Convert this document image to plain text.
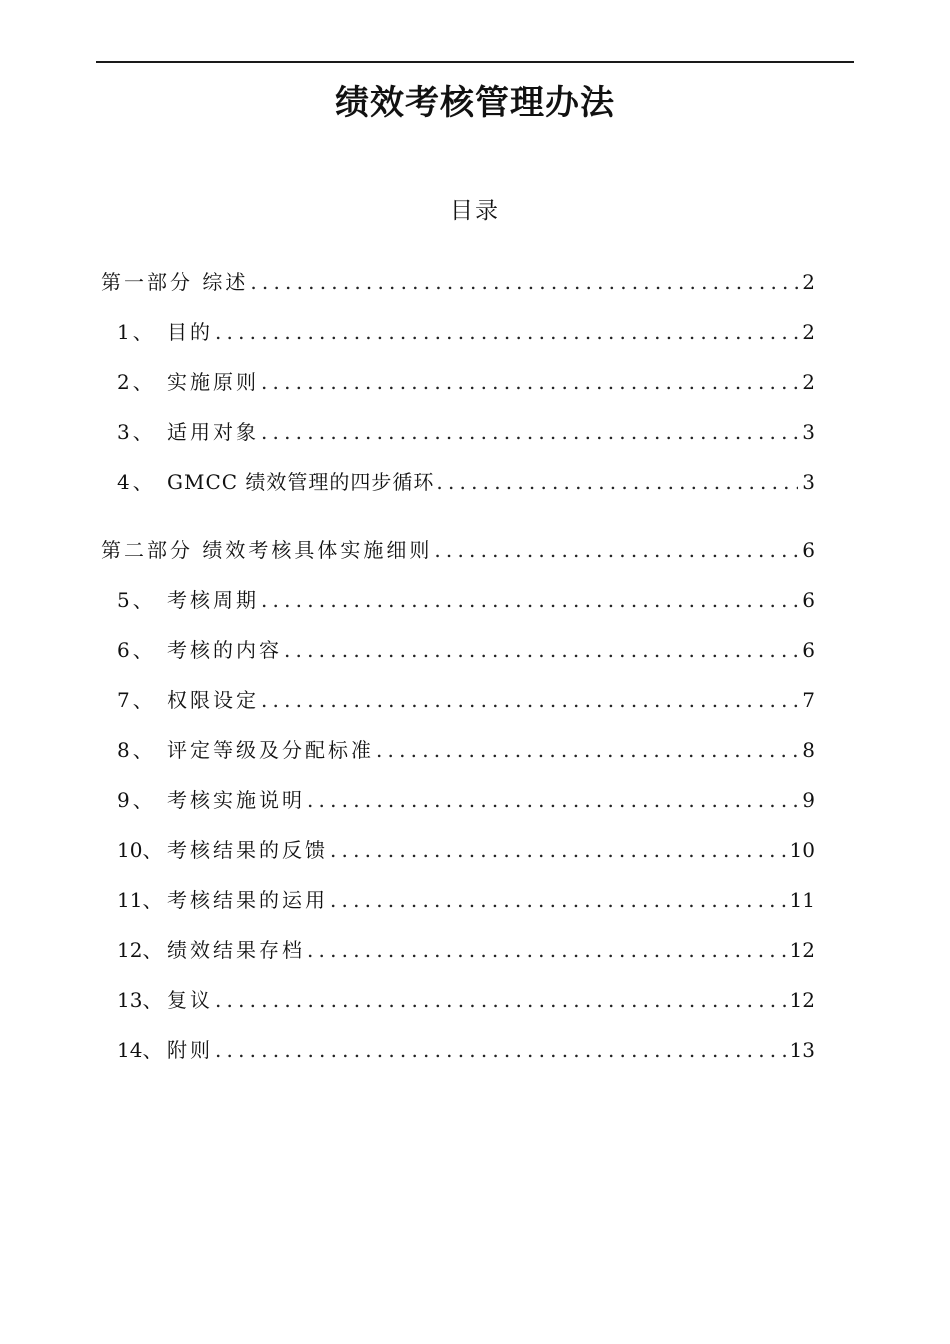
绩效考核管理办法
目录
第一部分 综述 .....	2
1、 目的 .....	2
2、 实施原则 .....	2
3、 适用对象 .....	3
4、 GMCC 绩效管理的四步循环 .....	3
第二部分 绩效考核具体实施细则 .....	6
5、 考核周期 .....	6
6、 考核的内容 .....	6
7、 权限设定 .....	7
8、 评定等级及分配标准 .....	8
9、 考核实施说明 .....	9
10、 考核结果的反馈 .....	10
11、 考核结果的运用 .....	11
12、 绩效结果存档 .....	12
13、 复议 .....	12
14、 附则 .....	13
